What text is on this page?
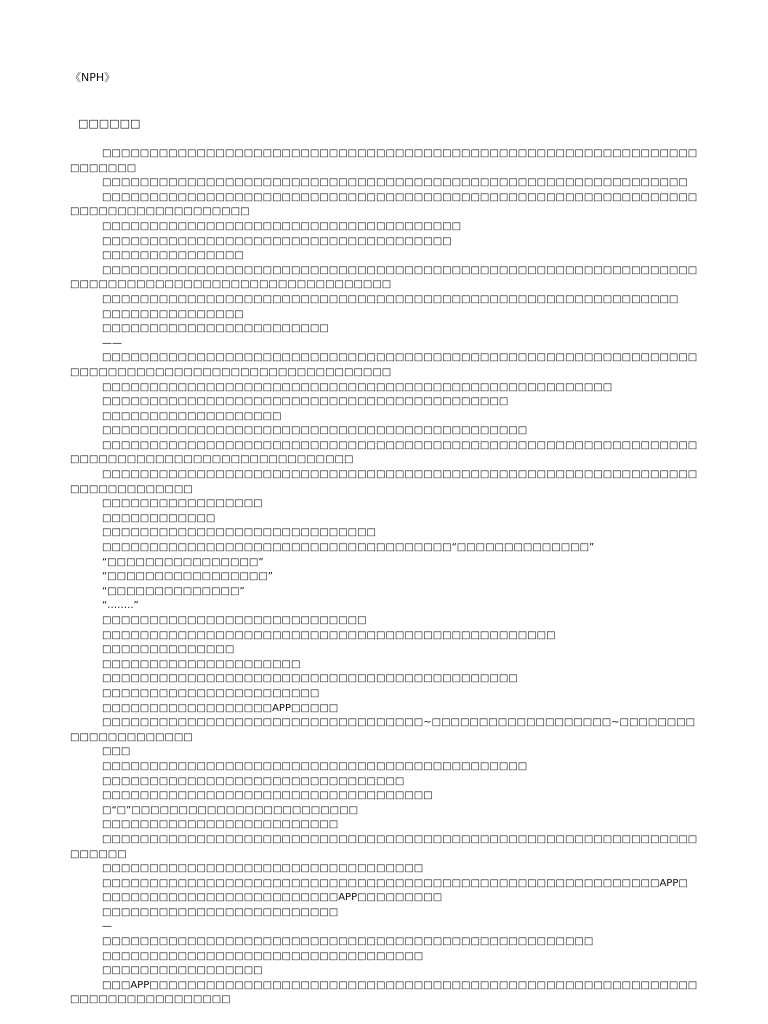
《NPH》
□□□□□□

□□□□□□□□□□□□□□□□□□□□□□□□□□□□□□□□□□□□□□□□□□□□□□□□□□□□□□□□□□□□□□□□□□□□□□

□□□□□□□□□□□□□□□□□□□□□□□□□□□□□□□□□□□□□□□□□□□□□□□□□□□□□□□□□□□□□□

□□□□□□□□□□□□□□□□□□□□□□□□□□□□□□□□□□□□□□□□□□□□□□□□□□□□□□□□□□□□□□□□□□□□□□□□□□□□□□□□□□

□□□□□□□□□□□□□□□□□□□□□□□□□□□□□□□□□□□□□□

□□□□□□□□□□□□□□□□□□□□□□□□□□□□□□□□□□□□□

□□□□□□□□□□□□□□□

□□□□□□□□□□□□□□□□□□□□□□□□□□□□□□□□□□□□□□□□□□□□□□□□□□□□□□□□□□□□□□□□□□□□□□□□□□□□□□□□□□□□□□□□□□□□□□□□□

□□□□□□□□□□□□□□□□□□□□□□□□□□□□□□□□□□□□□□□□□□□□□□□□□□□□□□□□□□□□□

□□□□□□□□□□□□□□□

□□□□□□□□□□□□□□□□□□□□□□□□

——

□□□□□□□□□□□□□□□□□□□□□□□□□□□□□□□□□□□□□□□□□□□□□□□□□□□□□□□□□□□□□□□□□□□□□□□□□□□□□□□□□□□□□□□□□□□□□□□□□

□□□□□□□□□□□□□□□□□□□□□□□□□□□□□□□□□□□□□□□□□□□□□□□□□□□□□□

□□□□□□□□□□□□□□□□□□□□□□□□□□□□□□□□□□□□□□□□□□□

□□□□□□□□□□□□□□□□□□□

□□□□□□□□□□□□□□□□□□□□□□□□□□□□□□□□□□□□□□□□□□□□□

□□□□□□□□□□□□□□□□□□□□□□□□□□□□□□□□□□□□□□□□□□□□□□□□□□□□□□□□□□□□□□□□□□□□□□□□□□□□□□□□□□□□□□□□□□□□□

□□□□□□□□□□□□□□□□□□□□□□□□□□□□□□□□□□□□□□□□□□□□□□□□□□□□□□□□□□□□□□□□□□□□□□□□□□□□

□□□□□□□□□□□□□□□□□

□□□□□□□□□□□□

□□□□□□□□□□□□□□□□□□□□□□□□□□□□□

□□□□□□□□□□□□□□□□□□□□□□□□□□□□□□□□□□□□□“□□□□□□□□□□□□□□”

“□□□□□□□□□□□□□□□□”

“□□□□□□□□□□□□□□□□□”

“□□□□□□□□□□□□□□”

“……..”

□□□□□□□□□□□□□□□□□□□□□□□□□□□□

□□□□□□□□□□□□□□□□□□□□□□□□□□□□□□□□□□□□□□□□□□□□□□□□

□□□□□□□□□□□□□□

□□□□□□□□□□□□□□□□□□□□□

□□□□□□□□□□□□□□□□□□□□□□□□□□□□□□□□□□□□□□□□□□□□

□□□□□□□□□□□□□□□□□□□□□□□

□□□□□□□□□□□□□□□□□□APP□□□□□

□□□□□□□□□□□□□□□□□□□□□□□□□□□□□□□□□□~□□□□□□□□□□□□□□□□□□□~□□□□□□□□□□□□□□□□□□□□□

□□□

□□□□□□□□□□□□□□□□□□□□□□□□□□□□□□□□□□□□□□□□□□□□□

□□□□□□□□□□□□□□□□□□□□□□□□□□□□□□□□

□□□□□□□□□□□□□□□□□□□□□□□□□□□□□□□□□□□

□“□”□□□□□□□□□□□□□□□□□□□□□□□□

□□□□□□□□□□□□□□□□□□□□□□□□□

□□□□□□□□□□□□□□□□□□□□□□□□□□□□□□□□□□□□□□□□□□□□□□□□□□□□□□□□□□□□□□□□□□□□□

□□□□□□□□□□□□□□□□□□□□□□□□□□□□□□□□□□

□□□□□□□□□□□□□□□□□□□□□□□□□□□□□□□□□□□□□□□□□□□□□□□□□□□□□□□□□□□APP□

□□□□□□□□□□□□□□□□□□□□□□□□□APP□□□□□□□□□

□□□□□□□□□□□□□□□□□□□□□□□□□

—

□□□□□□□□□□□□□□□□□□□□□□□□□□□□□□□□□□□□□□□□□□□□□□□□□□□□

□□□□□□□□□□□□□□□□□□□□□□□□□□□□□□□□□□

□□□□□□□□□□□□□□□□□

□□□APP□□□□□□□□□□□□□□□□□□□□□□□□□□□□□□□□□□□□□□□□□□□□□□□□□□□□□□□□□□□□□□□□□□□□□□□□□□□
